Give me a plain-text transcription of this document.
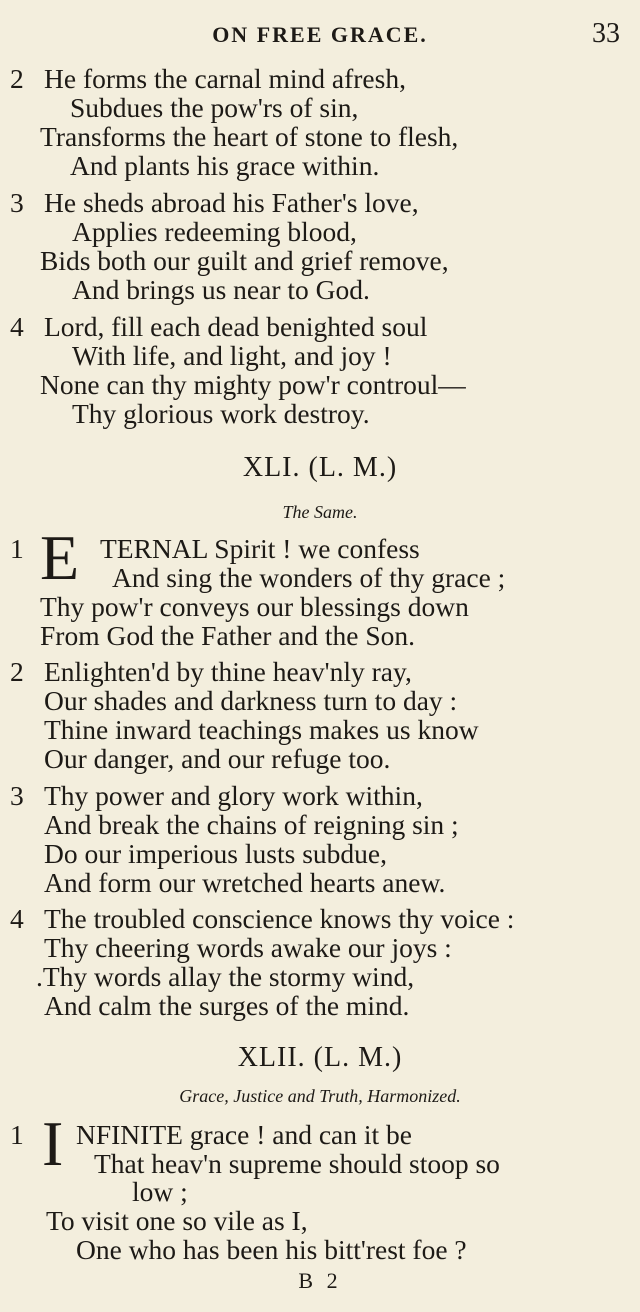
ON FREE GRACE.	33
2 He forms the carnal mind afresh,
Subdues the pow'rs of sin,
Transforms the heart of stone to flesh,
And plants his grace within.
3 He sheds abroad his Father's love,
Applies redeeming blood,
Bids both our guilt and grief remove,
And brings us near to God.
4 Lord, fill each dead benighted soul
With life, and light, and joy !
None can thy mighty pow'r controul—
Thy glorious work destroy.
XLI. (L. M.)
The Same.
1 E TERNAL Spirit ! we confess
And sing the wonders of thy grace ;
Thy pow'r conveys our blessings down
From God the Father and the Son.
2 Enlighten'd by thine heav'nly ray,
Our shades and darkness turn to day :
Thine inward teachings makes us know
Our danger, and our refuge too.
3 Thy power and glory work within,
And break the chains of reigning sin ;
Do our imperious lusts subdue,
And form our wretched hearts anew.
4 The troubled conscience knows thy voice :
Thy cheering words awake our joys :
.Thy words allay the stormy wind,
And calm the surges of the mind.
XLII. (L. M.)
Grace, Justice and Truth, Harmonized.
1 I NFINITE grace ! and can it be
That heav'n supreme should stoop so
low ;
To visit one so vile as I,
One who has been his bitt'rest foe ?
B 2
